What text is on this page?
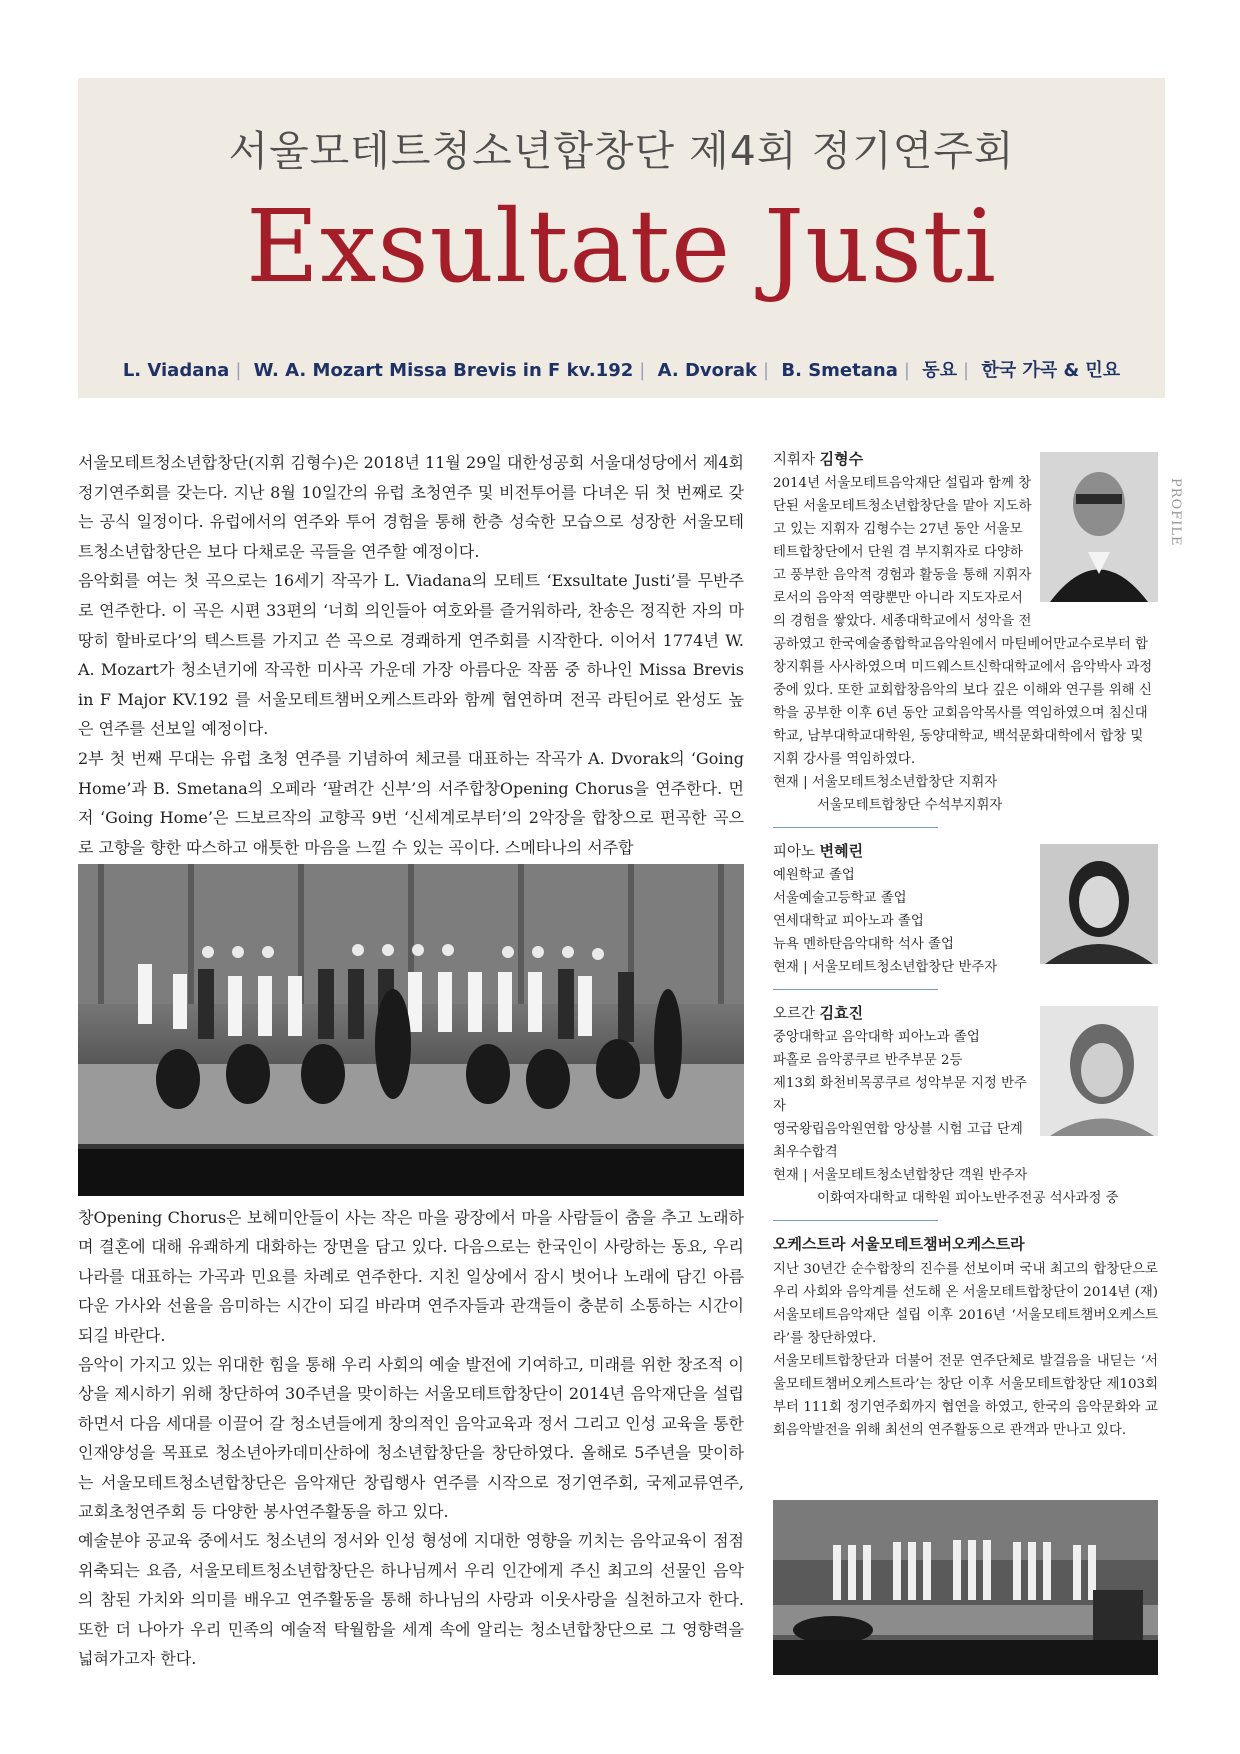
서울모테트청소년합창단 제4회 정기연주회
Exsultate Justi
L. Viadana | W. A. Mozart Missa Brevis in F kv.192 | A. Dvorak | B. Smetana | 동요 | 한국 가곡 & 민요

서울모테트청소년합창단(지휘 김형수)은 2018년 11월 29일 대한성공회 서울대성당에서 제4회 정기연주회를 갖는다. 지난 8월 10일간의 유럽 초청연주 및 비전투어를 다녀온 뒤 첫 번째로 갖는 공식 일정이다. 유럽에서의 연주와 투어 경험을 통해 한층 성숙한 모습으로 성장한 서울모테트청소년합창단은 보다 다채로운 곡들을 연주할 예정이다.

음악회를 여는 첫 곡으로는 16세기 작곡가 L. Viadana의 모테트 ‘Exsultate Justi’를 무반주로 연주한다. 이 곡은 시편 33편의 ‘너희 의인들아 여호와를 즐거워하라, 찬송은 정직한 자의 마땅히 할바로다’의 텍스트를 가지고 쓴 곡으로 경쾌하게 연주회를 시작한다. 이어서 1774년 W. A. Mozart가 청소년기에 작곡한 미사곡 가운데 가장 아름다운 작품 중 하나인 Missa Brevis in F Major KV.192 를 서울모테트챔버오케스트라와 함께 협연하며 전곡 라틴어로 완성도 높은 연주를 선보일 예정이다.

2부 첫 번째 무대는 유럽 초청 연주를 기념하여 체코를 대표하는 작곡가 A. Dvorak의 ‘Going Home’과 B. Smetana의 오페라 ‘팔려간 신부’의 서주합창Opening Chorus을 연주한다. 먼저 ‘Going Home’은 드보르작의 교향곡 9번 ‘신세계로부터’의 2악장을 합창으로 편곡한 곡으로 고향을 향한 따스하고 애틋한 마음을 느낄 수 있는 곡이다. 스메타나의 서주합

창Opening Chorus은 보헤미안들이 사는 작은 마을 광장에서 마을 사람들이 춤을 추고 노래하며 결혼에 대해 유쾌하게 대화하는 장면을 담고 있다. 다음으로는 한국인이 사랑하는 동요, 우리나라를 대표하는 가곡과 민요를 차례로 연주한다. 지친 일상에서 잠시 벗어나 노래에 담긴 아름다운 가사와 선율을 음미하는 시간이 되길 바라며 연주자들과 관객들이 충분히 소통하는 시간이 되길 바란다.

음악이 가지고 있는 위대한 힘을 통해 우리 사회의 예술 발전에 기여하고, 미래를 위한 창조적 이상을 제시하기 위해 창단하여 30주년을 맞이하는 서울모테트합창단이 2014년 음악재단을 설립하면서 다음 세대를 이끌어 갈 청소년들에게 창의적인 음악교육과 정서 그리고 인성 교육을 통한 인재양성을 목표로 청소년아카데미산하에 청소년합창단을 창단하였다. 올해로 5주년을 맞이하는 서울모테트청소년합창단은 음악재단 창립행사 연주를 시작으로 정기연주회, 국제교류연주, 교회초청연주회 등 다양한 봉사연주활동을 하고 있다.

예술분야 공교육 중에서도 청소년의 정서와 인성 형성에 지대한 영향을 끼치는 음악교육이 점점 위축되는 요즘, 서울모테트청소년합창단은 하나님께서 우리 인간에게 주신 최고의 선물인 음악의 참된 가치와 의미를 배우고 연주활동을 통해 하나님의 사랑과 이웃사랑을 실천하고자 한다. 또한 더 나아가 우리 민족의 예술적 탁월함을 세계 속에 알리는 청소년합창단으로 그 영향력을 넓혀가고자 한다.

PROFILE
지휘자 김형수
2014년 서울모테트음악재단 설립과 함께 창단된 서울모테트청소년합창단을 맡아 지도하고 있는 지휘자 김형수는 27년 동안 서울모테트합창단에서 단원 겸 부지휘자로 다양하고 풍부한 음악적 경험과 활동을 통해 지휘자로서의 음악적 역량뿐만 아니라 지도자로서의 경험을 쌓았다. 세종대학교에서 성악을 전공하였고 한국예술종합학교음악원에서 마틴베어만교수로부터 합창지휘를 사사하였으며 미드웨스트신학대학교에서 음악박사 과정 중에 있다. 또한 교회합창음악의 보다 깊은 이해와 연구를 위해 신학을 공부한 이후 6년 동안 교회음악목사를 역임하였으며 침신대학교, 남부대학교대학원, 동양대학교, 백석문화대학에서 합창 및 지휘 강사를 역임하였다.
현재 | 서울모테트청소년합창단 지휘자
서울모테트합창단 수석부지휘자
피아노 변혜린
예원학교 졸업
서울예술고등학교 졸업
연세대학교 피아노과 졸업
뉴욕 멘하탄음악대학 석사 졸업
현재 | 서울모테트청소년합창단 반주자
오르간 김효진
중앙대학교 음악대학 피아노과 졸업
파홀로 음악콩쿠르 반주부문 2등
제13회 화천비목콩쿠르 성악부문 지정 반주자
영국왕립음악원연합 앙상블 시험 고급 단계 최우수합격
현재 | 서울모테트청소년합창단 객원 반주자
이화여자대학교 대학원 피아노반주전공 석사과정 중
오케스트라 서울모테트챔버오케스트라
지난 30년간 순수합창의 진수를 선보이며 국내 최고의 합창단으로 우리 사회와 음악계를 선도해 온 서울모테트합창단이 2014년 (재)서울모테트음악재단 설립 이후 2016년 ‘서울모테트챔버오케스트라’를 창단하였다.
서울모테트합창단과 더불어 전문 연주단체로 발걸음을 내딛는 ‘서울모테트챔버오케스트라’는 창단 이후 서울모테트합창단 제103회부터 111회 정기연주회까지 협연을 하였고, 한국의 음악문화와 교회음악발전을 위해 최선의 연주활동으로 관객과 만나고 있다.
